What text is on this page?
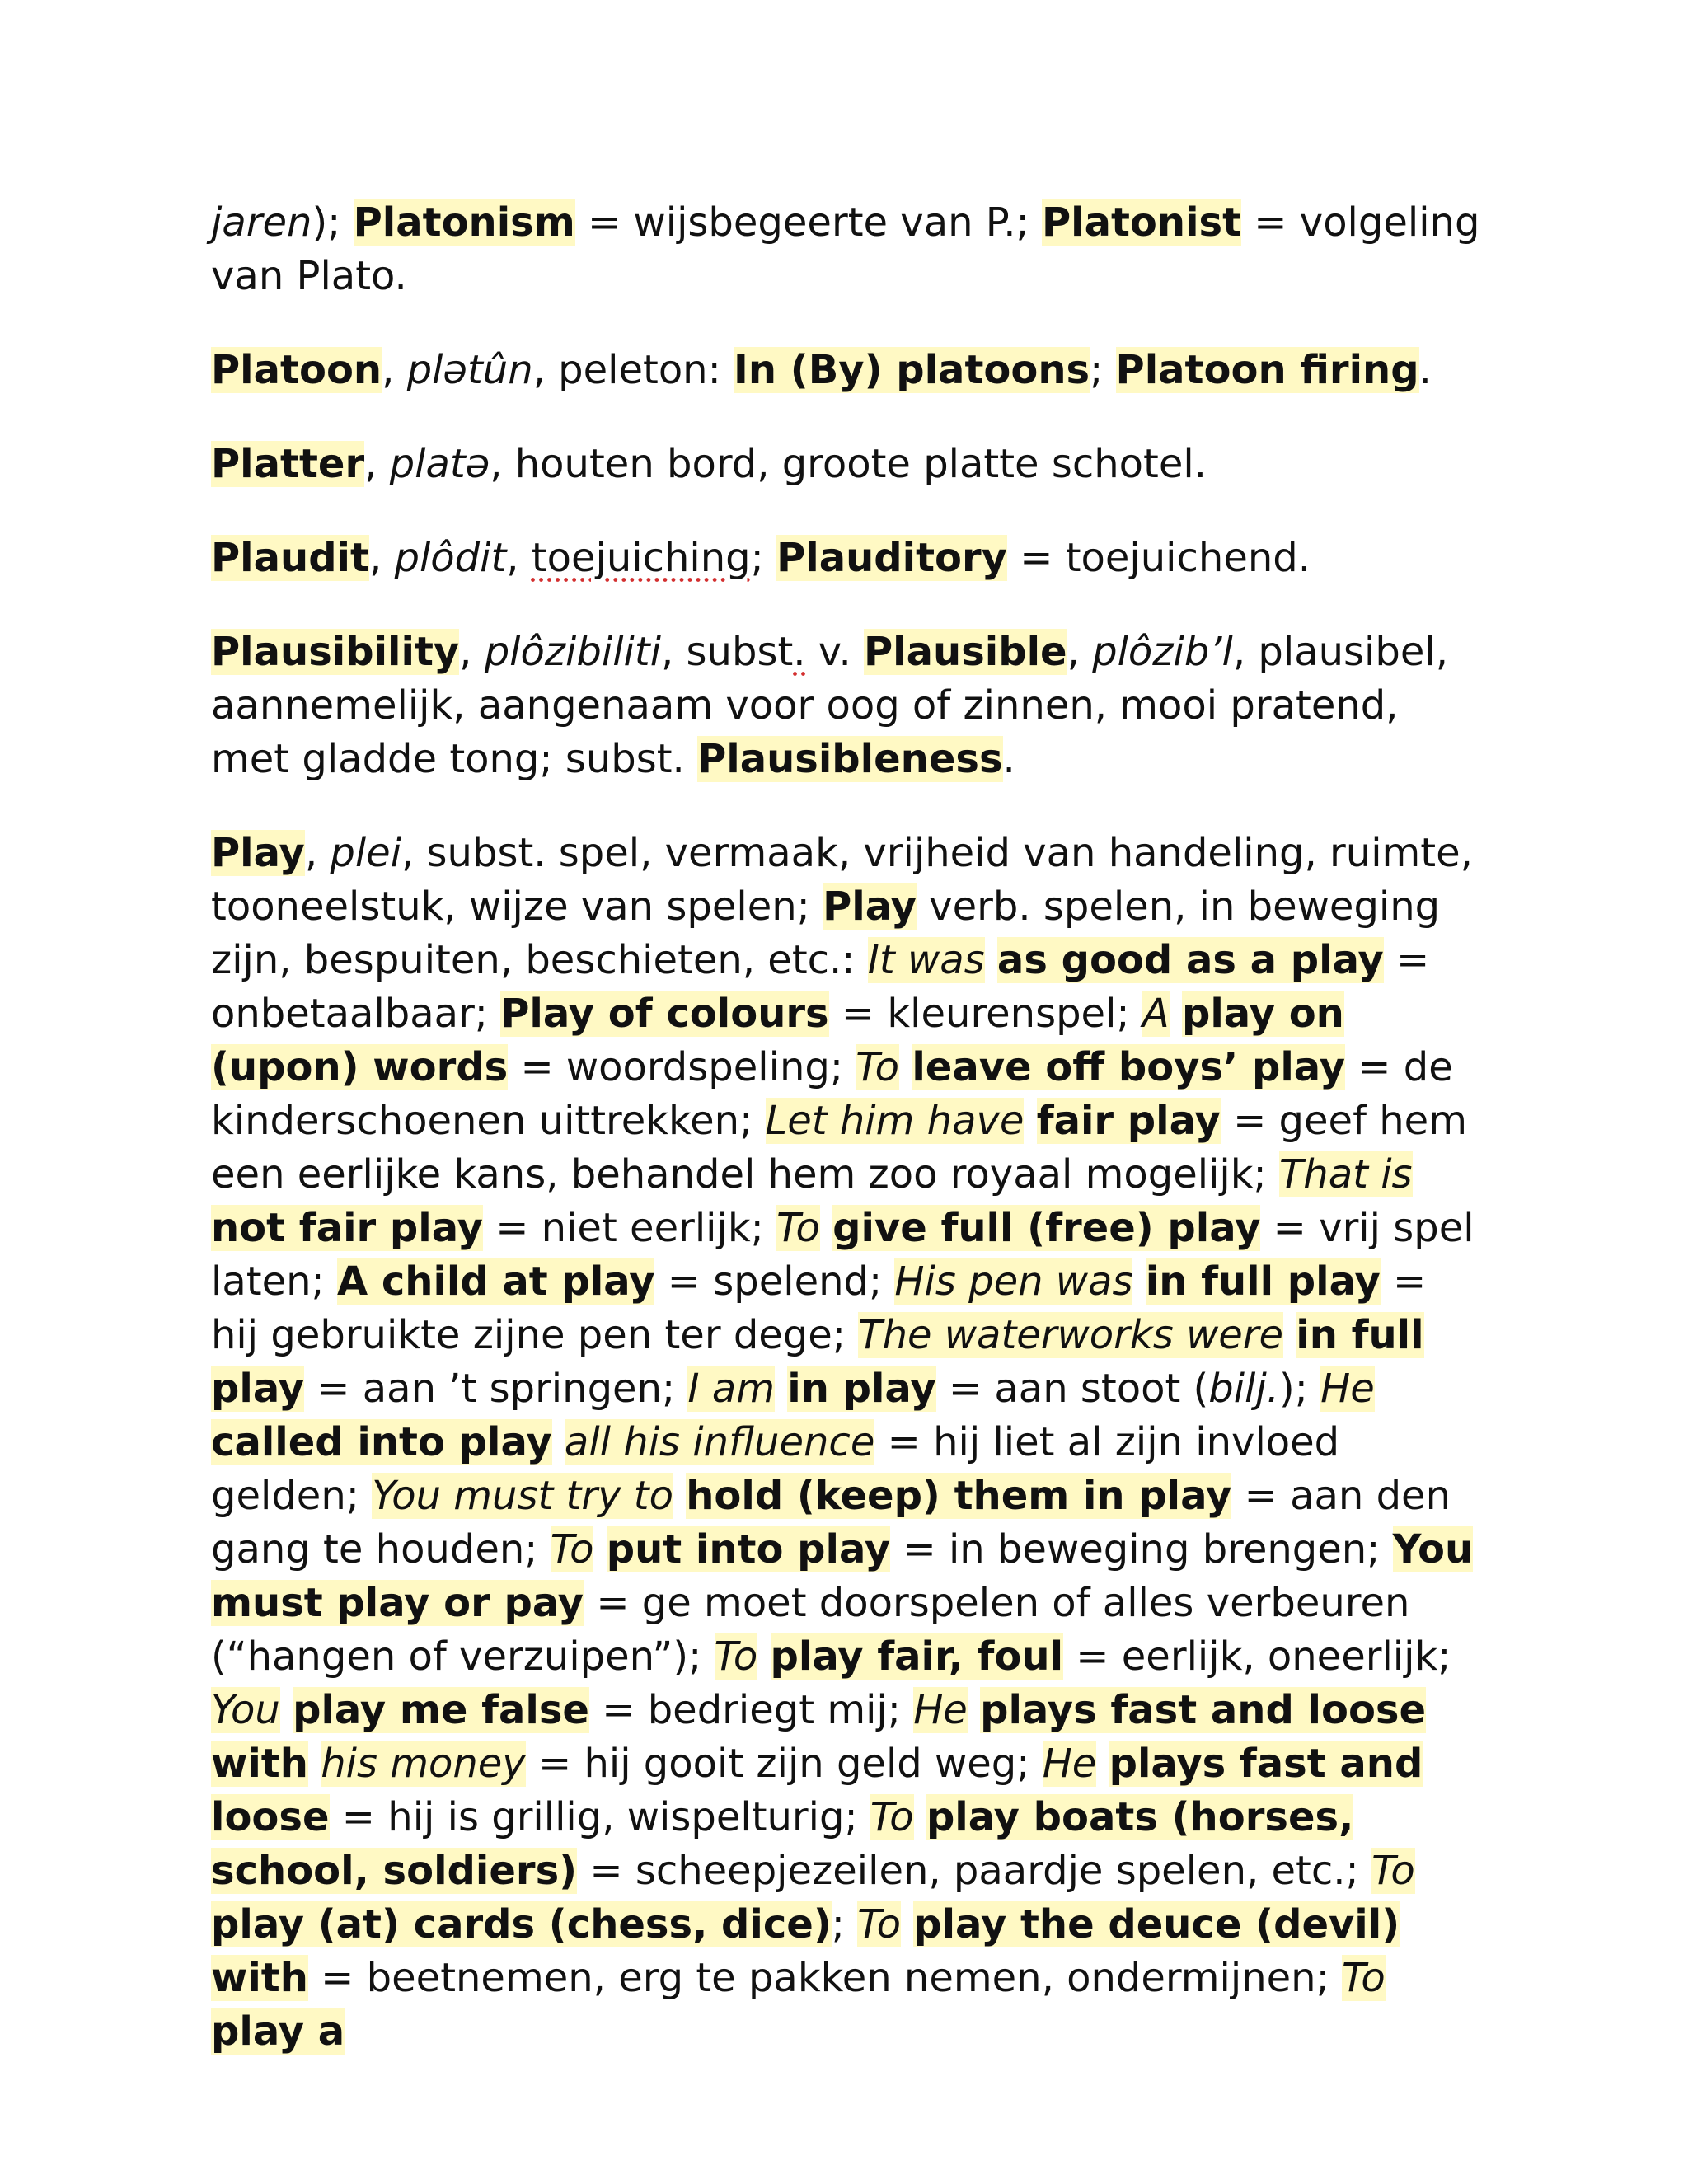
jaren); Platonism = wijsbegeerte van P.; Platonist = volgeling van Plato.

Platoon, plətûn, peleton: In (By) platoons; Platoon firing.

Platter, platə, houten bord, groote platte schotel.

Plaudit, plôdit, toejuiching; Plauditory = toejuichend.

Plausibility, plôzibiliti, subst. v. Plausible, plôzib’l, plausibel, aannemelijk, aangenaam voor oog of zinnen, mooi pratend, met gladde tong; subst. Plausibleness.

Play, plei, subst. spel, vermaak, vrijheid van handeling, ruimte, tooneelstuk, wijze van spelen; Play verb. spelen, in beweging zijn, bespuiten, beschieten, etc.: It was as good as a play = onbetaalbaar; Play of colours = kleurenspel; A play on (upon) words = woordspeling; To leave off boys’ play = de kinderschoenen uittrekken; Let him have fair play = geef hem een eerlijke kans, behandel hem zoo royaal mogelijk; That is not fair play = niet eerlijk; To give full (free) play = vrij spel laten; A child at play = spelend; His pen was in full play = hij gebruikte zijne pen ter dege; The waterworks were in full play = aan ’t springen; I am in play = aan stoot (bilj.); He called into play all his influence = hij liet al zijn invloed gelden; You must try to hold (keep) them in play = aan den gang te houden; To put into play = in beweging brengen; You must play or pay = ge moet doorspelen of alles verbeuren (“hangen of verzuipen”); To play fair, foul = eerlijk, oneerlijk; You play me false = bedriegt mij; He plays fast and loose with his money = hij gooit zijn geld weg; He plays fast and loose = hij is grillig, wispelturig; To play boats (horses, school, soldiers) = scheepjezeilen, paardje spelen, etc.; To play (at) cards (chess, dice); To play the deuce (devil) with = beetnemen, erg te pakken nemen, ondermijnen; To play a
